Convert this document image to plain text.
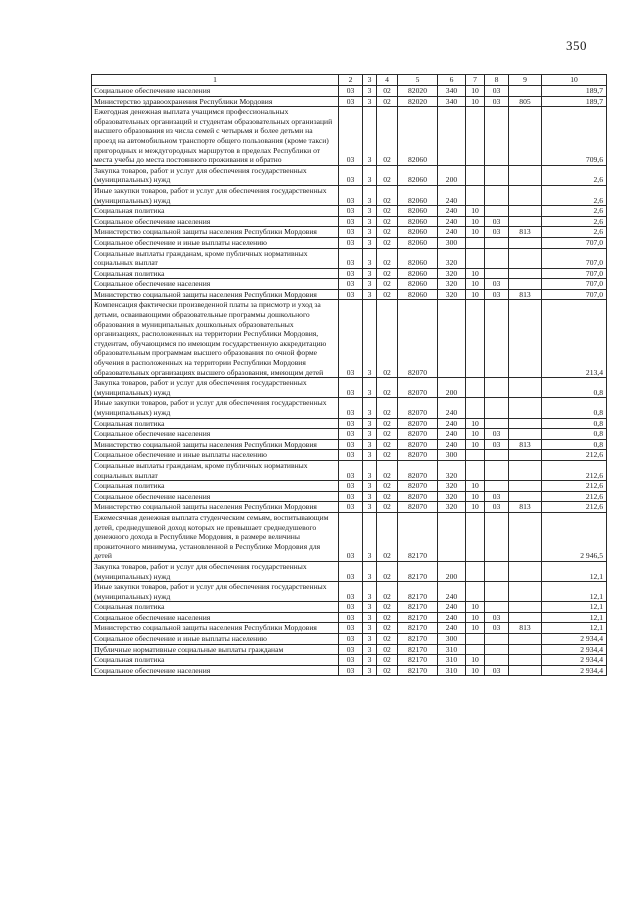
350
1	2	3	4	5	6	7	8	9	10
Социальное обеспечение населения	03	3	02	82020	340	10	03		189,7
Министерство здравоохранения Республики Мордовия	03	3	02	82020	340	10	03	805	189,7
Ежегодная денежная выплата учащимся профессиональных образовательных организаций и студентам образовательных организаций высшего образования из числа семей с четырьмя и более детьми на проезд на автомобильном транспорте общего пользования (кроме такси) пригородных и междугородных маршрутов в пределах Республики от места учебы до места постоянного проживания и обратно	03	3	02	82060					709,6
Закупка товаров, работ и услуг для обеспечения государственных (муниципальных) нужд	03	3	02	82060	200				2,6
Иные закупки товаров, работ и услуг для обеспечения государственных (муниципальных) нужд	03	3	02	82060	240				2,6
Социальная политика	03	3	02	82060	240	10			2,6
Социальное обеспечение населения	03	3	02	82060	240	10	03		2,6
Министерство социальной защиты населения Республики Мордовия	03	3	02	82060	240	10	03	813	2,6
Социальное обеспечение и иные выплаты населению	03	3	02	82060	300				707,0
Социальные выплаты гражданам, кроме публичных нормативных социальных выплат	03	3	02	82060	320				707,0
Социальная политика	03	3	02	82060	320	10			707,0
Социальное обеспечение населения	03	3	02	82060	320	10	03		707,0
Министерство социальной защиты населения Республики Мордовия	03	3	02	82060	320	10	03	813	707,0
Компенсация фактически произведенной платы за присмотр и уход за детьми, осваивающими образовательные программы дошкольного образования в муниципальных дошкольных образовательных организациях, расположенных на территории Республики Мордовия, студентам, обучающимся по имеющим государственную аккредитацию образовательным программам высшего образования по очной форме обучения в расположенных на территории Республики Мордовия образовательных организациях высшего образования, имеющим детей	03	3	02	82070					213,4
Закупка товаров, работ и услуг для обеспечения государственных (муниципальных) нужд	03	3	02	82070	200				0,8
Иные закупки товаров, работ и услуг для обеспечения государственных (муниципальных) нужд	03	3	02	82070	240				0,8
Социальная политика	03	3	02	82070	240	10			0,8
Социальное обеспечение населения	03	3	02	82070	240	10	03		0,8
Министерство социальной защиты населения Республики Мордовия	03	3	02	82070	240	10	03	813	0,8
Социальное обеспечение и иные выплаты населению	03	3	02	82070	300				212,6
Социальные выплаты гражданам, кроме публичных нормативных социальных выплат	03	3	02	82070	320				212,6
Социальная политика	03	3	02	82070	320	10			212,6
Социальное обеспечение населения	03	3	02	82070	320	10	03		212,6
Министерство социальной защиты населения Республики Мордовия	03	3	02	82070	320	10	03	813	212,6
Ежемесячная денежная выплата студенческим семьям, воспитывающим детей, среднедушевой доход которых не превышает среднедушевого денежного дохода в Республике Мордовия, в размере величины прожиточного минимума, установленной в Республике Мордовия для детей	03	3	02	82170					2 946,5
Закупка товаров, работ и услуг для обеспечения государственных (муниципальных) нужд	03	3	02	82170	200				12,1
Иные закупки товаров, работ и услуг для обеспечения государственных (муниципальных) нужд	03	3	02	82170	240				12,1
Социальная политика	03	3	02	82170	240	10			12,1
Социальное обеспечение населения	03	3	02	82170	240	10	03		12,1
Министерство социальной защиты населения Республики Мордовия	03	3	02	82170	240	10	03	813	12,1
Социальное обеспечение и иные выплаты населению	03	3	02	82170	300				2 934,4
Публичные нормативные социальные выплаты гражданам	03	3	02	82170	310				2 934,4
Социальная политика	03	3	02	82170	310	10			2 934,4
Социальное обеспечение населения	03	3	02	82170	310	10	03		2 934,4
